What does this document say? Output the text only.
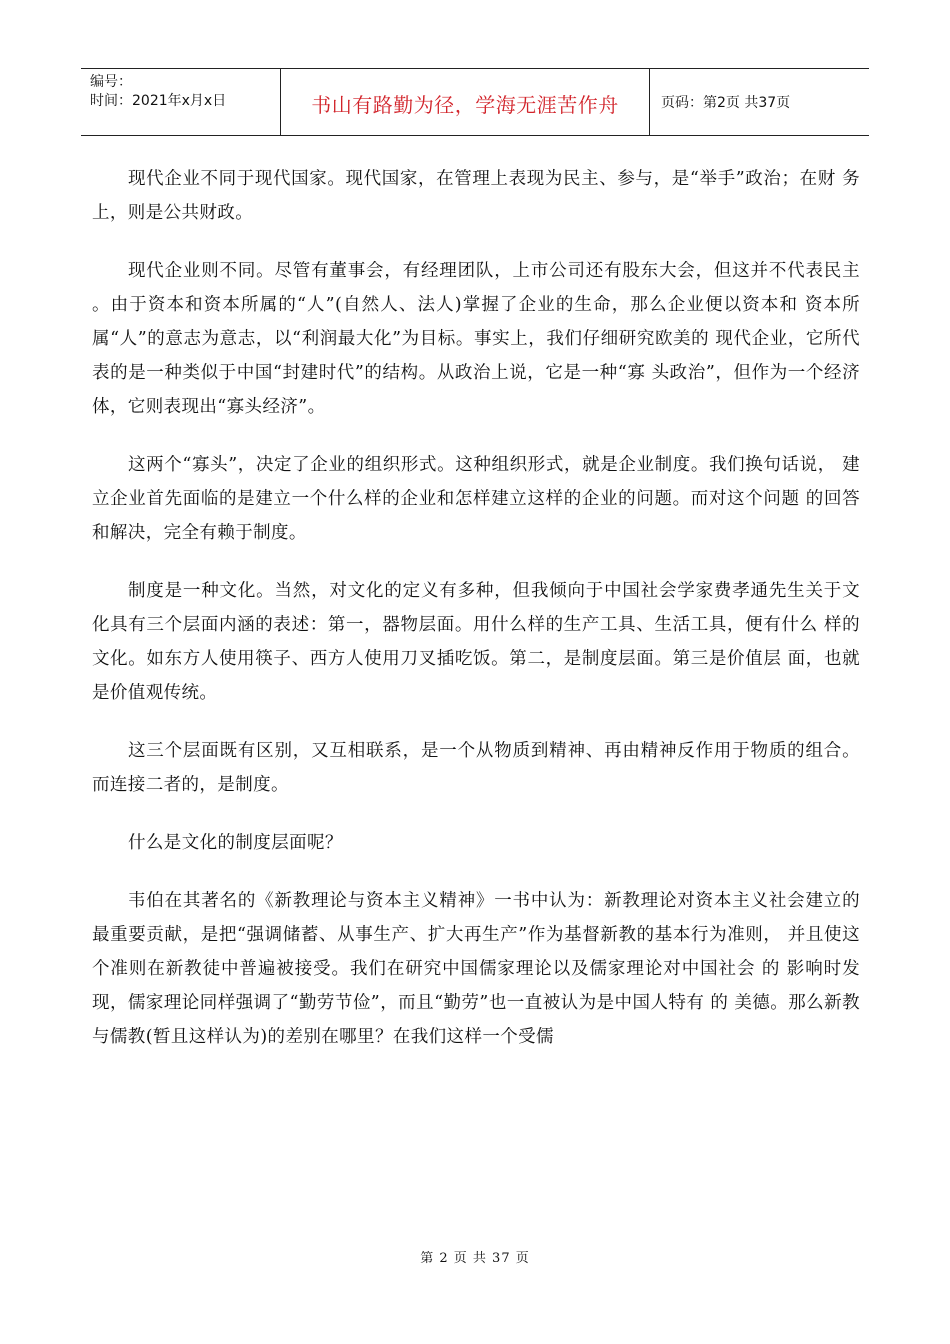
编号：
时间：2021年x月x日	书山有路勤为径，学海无涯苦作舟	页码：第2页 共37页

现代企业不同于现代国家。现代国家，在管理上表现为民主、参与，是“举手”政治；在财 务上，则是公共财政。

现代企业则不同。尽管有董事会，有经理团队，上市公司还有股东大会，但这并不代表民主 。由于资本和资本所属的“人”(自然人、法人)掌握了企业的生命，那么企业便以资本和 资本所属“人”的意志为意志，以“利润最大化”为目标。事实上，我们仔细研究欧美的 现代企业，它所代表的是一种类似于中国“封建时代”的结构。从政治上说，它是一种“寡 头政治”，但作为一个经济体，它则表现出“寡头经济”。

这两个“寡头”，决定了企业的组织形式。这种组织形式，就是企业制度。我们换句话说， 建立企业首先面临的是建立一个什么样的企业和怎样建立这样的企业的问题。而对这个问题 的回答和解决，完全有赖于制度。

制度是一种文化。当然，对文化的定义有多种，但我倾向于中国社会学家费孝通先生关于文 化具有三个层面内涵的表述：第一，器物层面。用什么样的生产工具、生活工具，便有什么 样的文化。如东方人使用筷子、西方人使用刀叉插吃饭。第二，是制度层面。第三是价值层 面，也就是价值观传统。

这三个层面既有区别，又互相联系，是一个从物质到精神、再由精神反作用于物质的组合。 而连接二者的，是制度。

什么是文化的制度层面呢？

韦伯在其著名的《新教理论与资本主义精神》一书中认为：新教理论对资本主义社会建立的 最重要贡献，是把“强调储蓄、从事生产、扩大再生产”作为基督新教的基本行为准则， 并且使这个准则在新教徒中普遍被接受。我们在研究中国儒家理论以及儒家理论对中国社会 的 影响时发现，儒家理论同样强调了“勤劳节俭”，而且“勤劳”也一直被认为是中国人特有 的 美德。那么新教与儒教(暂且这样认为)的差别在哪里？在我们这样一个受儒

第 2 页 共 37 页
